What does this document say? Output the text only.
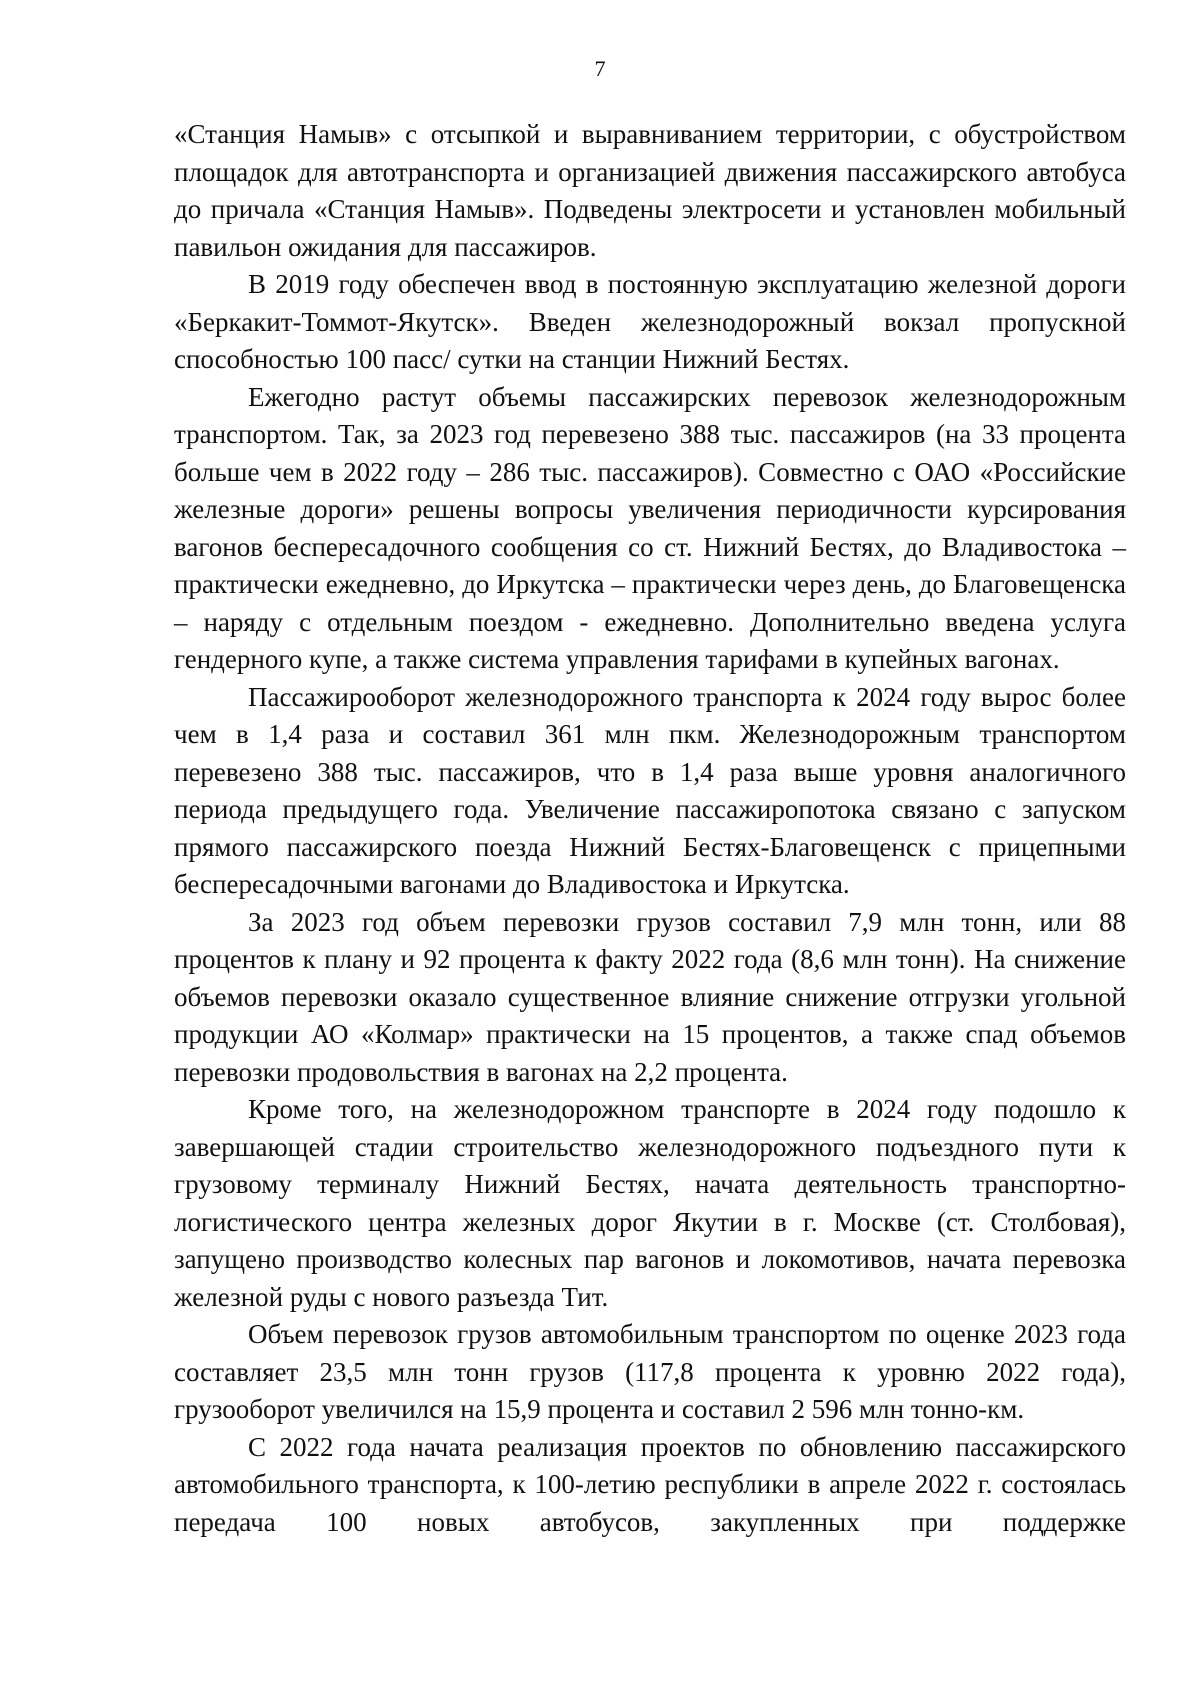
7

«Станция Намыв» с отсыпкой и выравниванием территории, с обустройством площадок для автотранспорта и организацией движения пассажирского автобуса до причала «Станция Намыв». Подведены электросети и установлен мобильный павильон ожидания для пассажиров.

В 2019 году обеспечен ввод в постоянную эксплуатацию железной дороги «Беркакит-Томмот-Якутск». Введен железнодорожный вокзал пропускной способностью 100 пасс/ сутки на станции Нижний Бестях.

Ежегодно растут объемы пассажирских перевозок железнодорожным транспортом. Так, за 2023 год перевезено 388 тыс. пассажиров (на 33 процента больше чем в 2022 году – 286 тыс. пассажиров). Совместно с ОАО «Российские железные дороги» решены вопросы увеличения периодичности курсирования вагонов беспересадочного сообщения со ст. Нижний Бестях, до Владивостока – практически ежедневно, до Иркутска – практически через день, до Благовещенска – наряду с отдельным поездом - ежедневно. Дополнительно введена услуга гендерного купе, а также система управления тарифами в купейных вагонах.

Пассажирооборот железнодорожного транспорта к 2024 году вырос более чем в 1,4 раза и составил 361 млн пкм. Железнодорожным транспортом перевезено 388 тыс. пассажиров, что в 1,4 раза выше уровня аналогичного периода предыдущего года. Увеличение пассажиропотока связано с запуском прямого пассажирского поезда Нижний Бестях-Благовещенск с прицепными беспересадочными вагонами до Владивостока и Иркутска.

За 2023 год объем перевозки грузов составил 7,9 млн тонн, или 88 процентов к плану и 92 процента к факту 2022 года (8,6 млн тонн). На снижение объемов перевозки оказало существенное влияние снижение отгрузки угольной продукции АО «Колмар» практически на 15 процентов, а также спад объемов перевозки продовольствия в вагонах на 2,2 процента.

Кроме того, на железнодорожном транспорте в 2024 году подошло к завершающей стадии строительство железнодорожного подъездного пути к грузовому терминалу Нижний Бестях, начата деятельность транспортно-логистического центра железных дорог Якутии в г. Москве (ст. Столбовая), запущено производство колесных пар вагонов и локомотивов, начата перевозка железной руды с нового разъезда Тит.

Объем перевозок грузов автомобильным транспортом по оценке 2023 года составляет 23,5 млн тонн грузов (117,8 процента к уровню 2022 года), грузооборот увеличился на 15,9 процента и составил 2 596 млн тонно-км.

С 2022 года начата реализация проектов по обновлению пассажирского автомобильного транспорта, к 100-летию республики в апреле 2022 г. состоялась передача 100 новых автобусов, закупленных при поддержке
